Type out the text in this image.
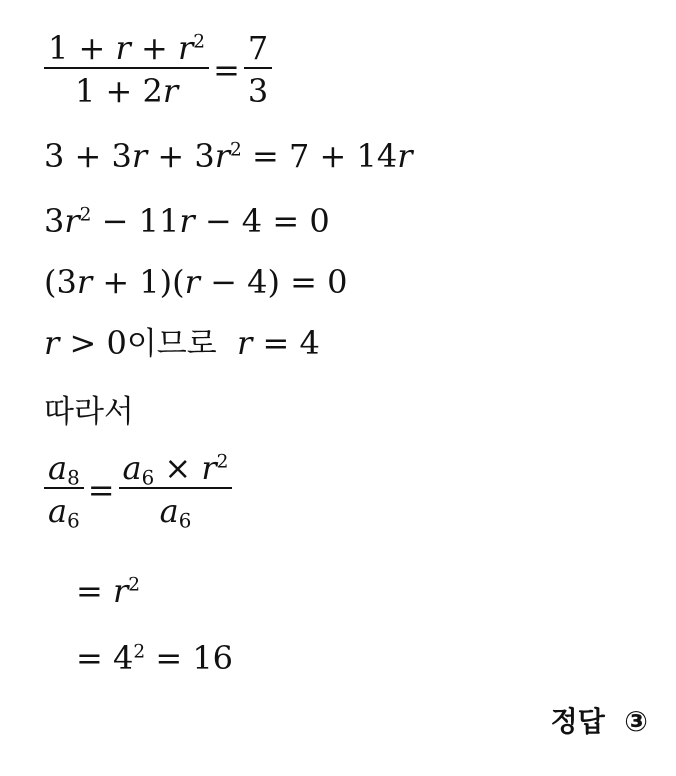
$\frac{1 + r + r^2}{1 + 2r} = \frac{7}{3}$
$3 + 3r + 3r^2 = 7 + 14r$
$3r^2 - 11r - 4 = 0$
(3r + 1)(r − 4) = 0
r > 0이므로 r = 4
따라서
$\frac{a_8}{a_6} = \frac{a_6 \times r^2}{a_6}$
= $r^2$
= $4^2 = 16$
정답 ③
